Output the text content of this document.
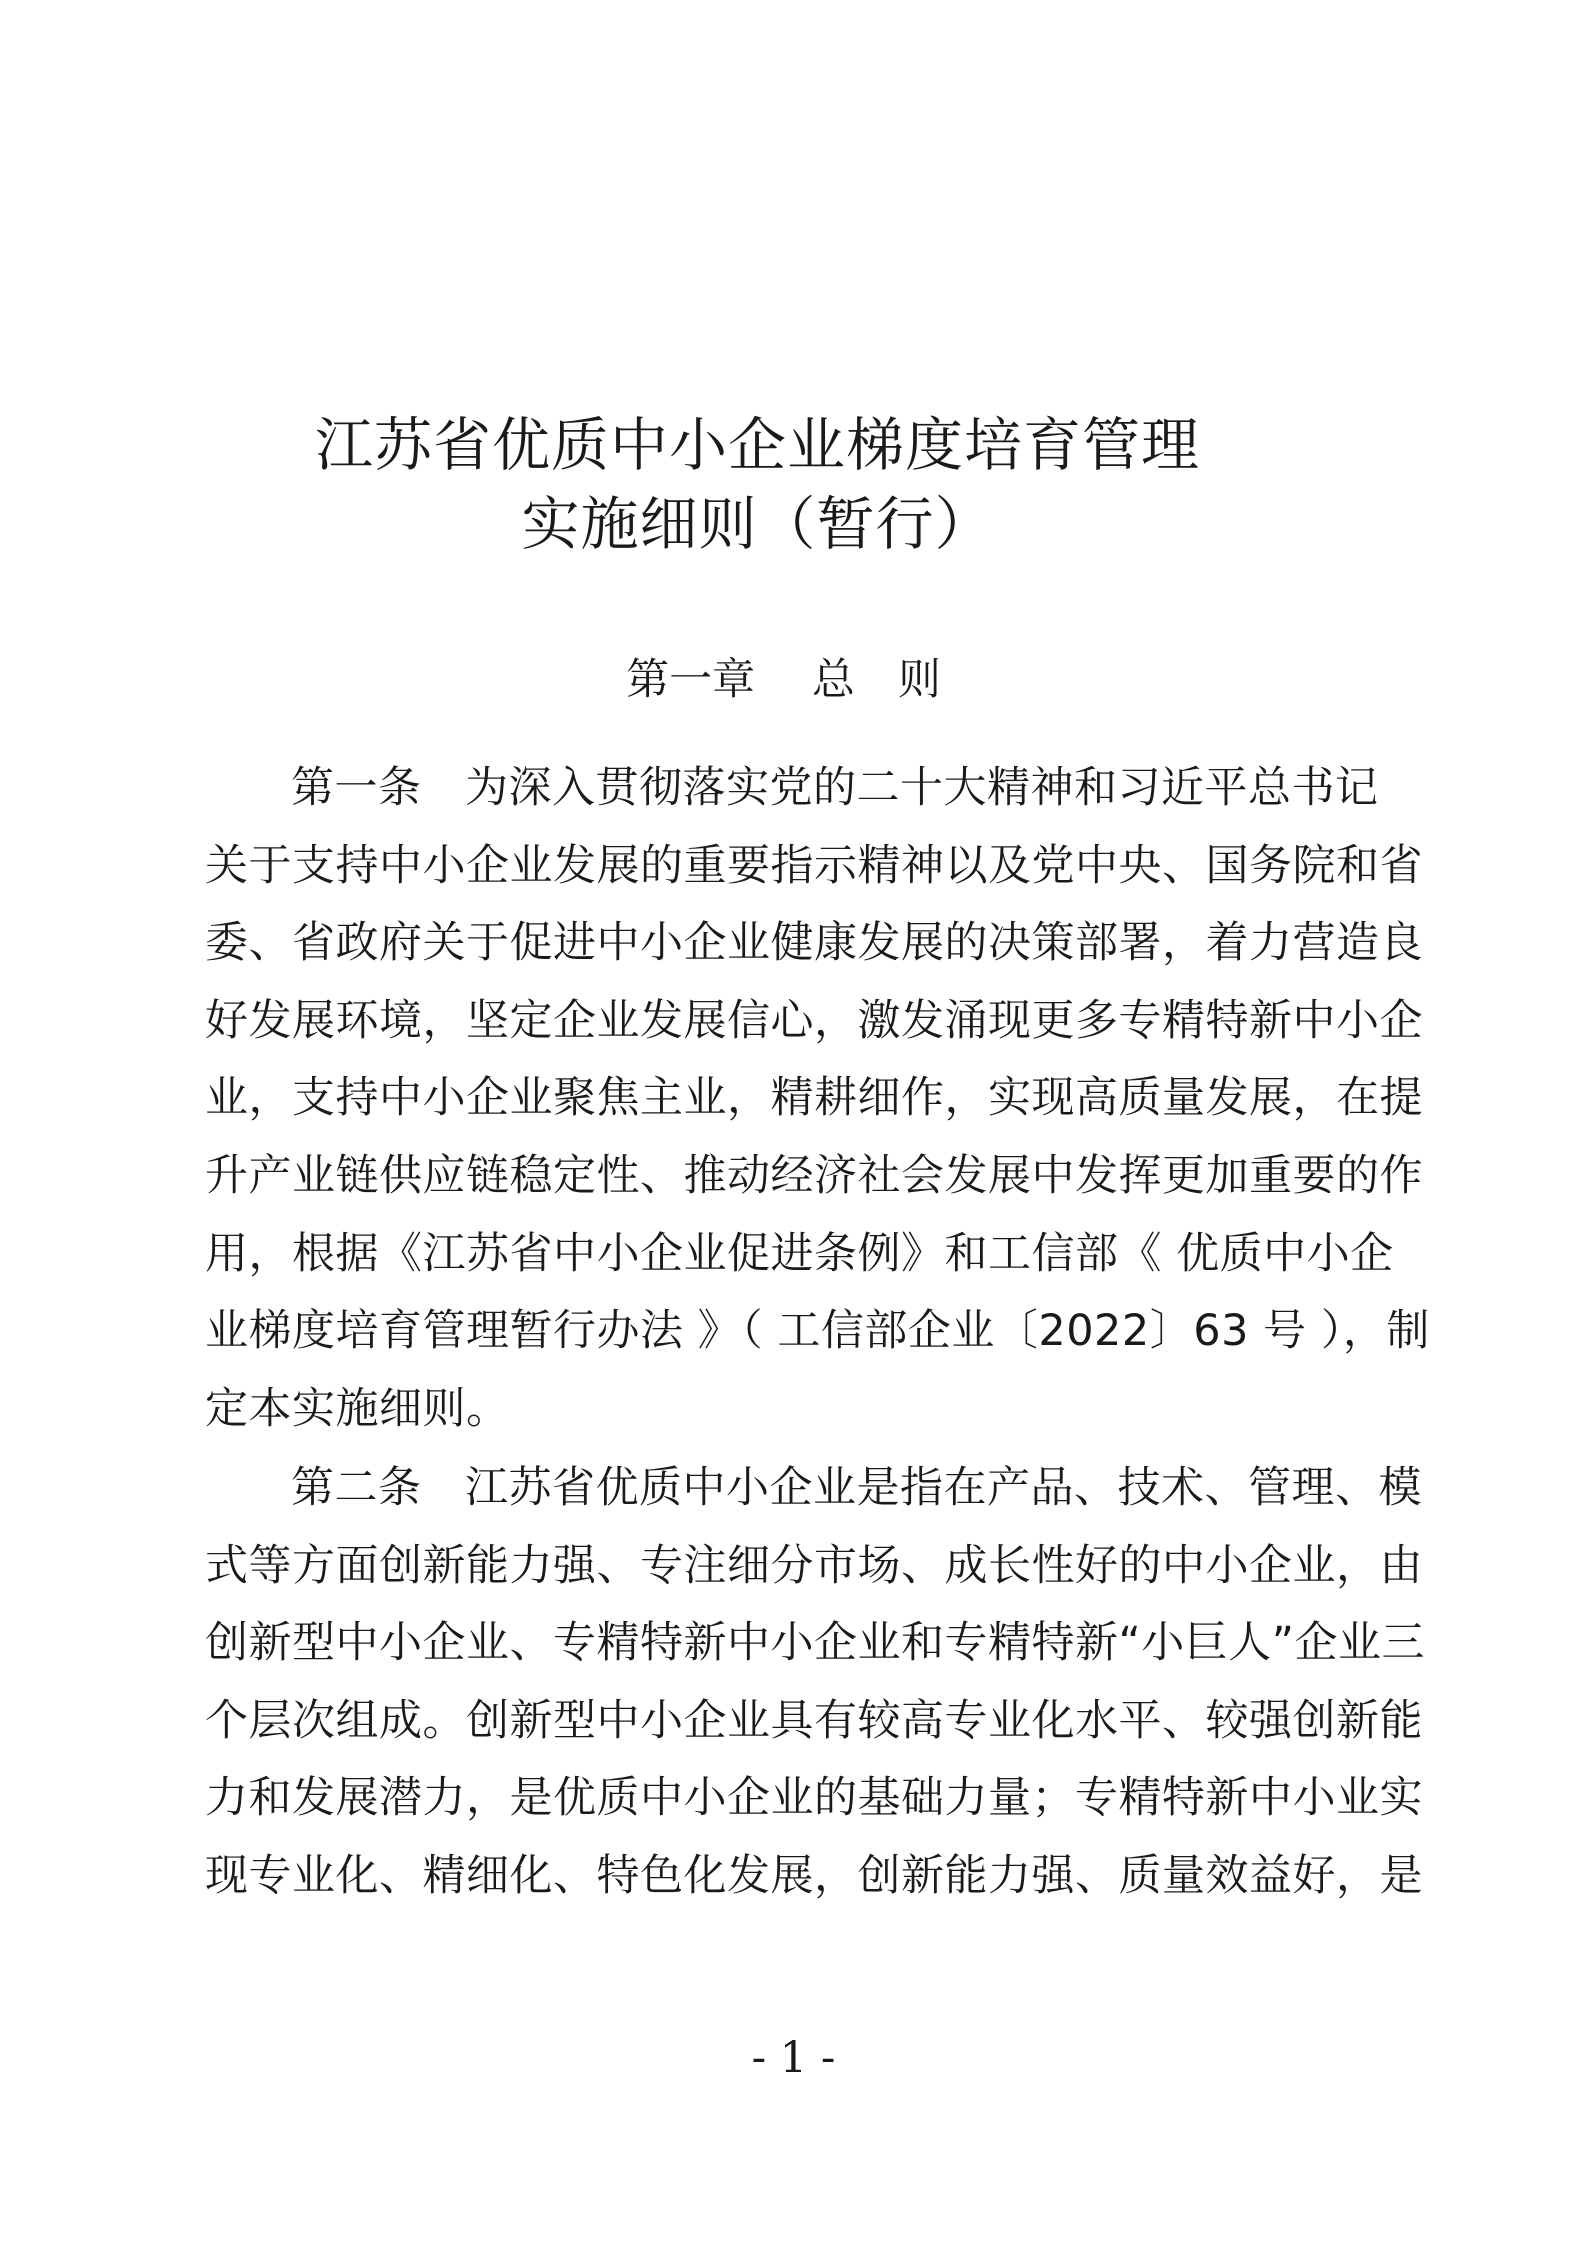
江苏省优质中小企业梯度培育管理
实施细则（暂行）
第一章　 总　则
第一条　为深入贯彻落实党的二十大精神和习近平总书记
关于支持中小企业发展的重要指示精神以及党中央、国务院和省
委、省政府关于促进中小企业健康发展的决策部署，着力营造良
好发展环境，坚定企业发展信心，激发涌现更多专精特新中小企
业，支持中小企业聚焦主业，精耕细作，实现高质量发展，在提
升产业链供应链稳定性、推动经济社会发展中发挥更加重要的作
用，根据《江苏省中小企业促进条例》和工信部《 优质中小企
业梯度培育管理暂行办法 》（ 工信部企业〔2022〕63 号 ），制
定本实施细则。
第二条　江苏省优质中小企业是指在产品、技术、管理、模
式等方面创新能力强、专注细分市场、成长性好的中小企业，由
创新型中小企业、专精特新中小企业和专精特新“小巨人”企业三
个层次组成。创新型中小企业具有较高专业化水平、较强创新能
力和发展潜力，是优质中小企业的基础力量；专精特新中小业实
现专业化、精细化、特色化发展，创新能力强、质量效益好，是
- 1 -
